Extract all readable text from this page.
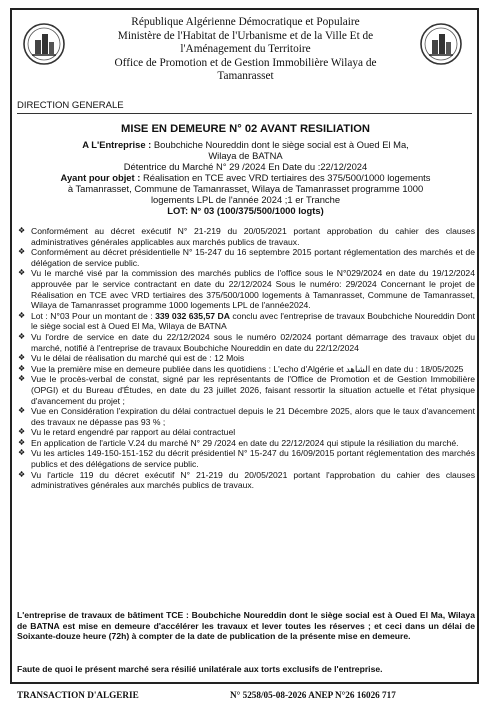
République Algérienne Démocratique et Populaire
Ministère de l'Habitat de l'Urbanisme et de la Ville Et de
l'Aménagement du Territoire
Office de Promotion et de Gestion Immobilière Wilaya de
Tamanrasset
DIRECTION GENERALE
MISE EN DEMEURE N° 02 AVANT RESILIATION
A L'Entreprise : Boubchiche Noureddin dont le siège social est à Oued El Ma,
Wilaya de BATNA
Détentrice du Marché N° 29 /2024 En Date du :22/12/2024
Ayant pour objet : Réalisation en TCE avec VRD tertiaires des 375/500/1000 logements
à Tamanrasset, Commune de Tamanrasset, Wilaya de Tamanrasset programme 1000
logements LPL de l'année 2024 ;1 er Tranche
LOT: N° 03 (100/375/500/1000 logts)
❖ Conformément au décret exécutif N° 21-219 du 20/05/2021 portant approbation du cahier des clauses administratives générales applicables aux marchés publics de travaux.
❖ Conformément au décret présidentielle N° 15-247 du 16 septembre 2015 portant réglementation des marchés et de délégation de service public.
❖ Vu le marché visé par la commission des marchés publics de l'office sous le N°029/2024 en date du 19/12/2024 approuvée par le service contractant en date du 22/12/2024 Sous le numéro: 29/2024 Concernant le projet de Réalisation en TCE avec VRD tertiaires des 375/500/1000 logements à Tamanrasset, Commune de Tamanrasset, Wilaya de Tamanrasset programme 1000 logements LPL de l'année2024.
❖ Lot : N°03 Pour un montant de : 339 032 635,57 DA conclu avec l'entreprise de travaux Boubchiche Noureddin Dont le siège social est à Oued El Ma, Wilaya de BATNA
❖ Vu l'ordre de service en date du 22/12/2024 sous le numéro 02/2024 portant démarrage des travaux objet du marché, notifié à l'entreprise de travaux Boubchiche Noureddin en date du 22/12/2024
❖ Vu le délai de réalisation du marché qui est de : 12 Mois
❖ Vue la première mise en demeure publiée dans les quotidiens : L'echo d'Algérie et الشاهد en date du : 18/05/2025
❖ Vue le procès-verbal de constat, signé par les représentants de l'Office de Promotion et de Gestion Immobilière (OPGI) et du Bureau d'Études, en date du 23 juillet 2026, faisant ressortir la situation actuelle et l'état physique d'avancement du projet ;
❖ Vue en Considération l'expiration du délai contractuel depuis le 21 Décembre 2025, alors que le taux d'avancement des travaux ne dépasse pas 93 % ;
❖ Vu le retard engendré par rapport au délai contractuel
❖ En application de l'article V.24 du marché N° 29 /2024 en date du 22/12/2024 qui stipule la résiliation du marché.
❖ Vu les articles 149-150-151-152 du décrit présidentiel N° 15-247 du 16/09/2015 portant réglementation des marchés publics et des délégations de service public.
❖ Vu l'article 119 du décret exécutif N° 21-219 du 20/05/2021 portant l'approbation du cahier des clauses administratives générales aux marchés publics de travaux.
L'entreprise de travaux de bâtiment TCE : Boubchiche Noureddin dont le siège social est à Oued El Ma, Wilaya de BATNA est mise en demeure d'accélérer les travaux et lever toutes les réserves ; et ceci dans un délai de Soixante-douze heure (72h) à compter de la date de publication de la présente mise en demeure.
Faute de quoi le présent marché sera résilié unilatérale aux torts exclusifs de l'entreprise.
TRANSACTION D'ALGERIE	N° 5258/05-08-2026 ANEP N°26 16026 717
